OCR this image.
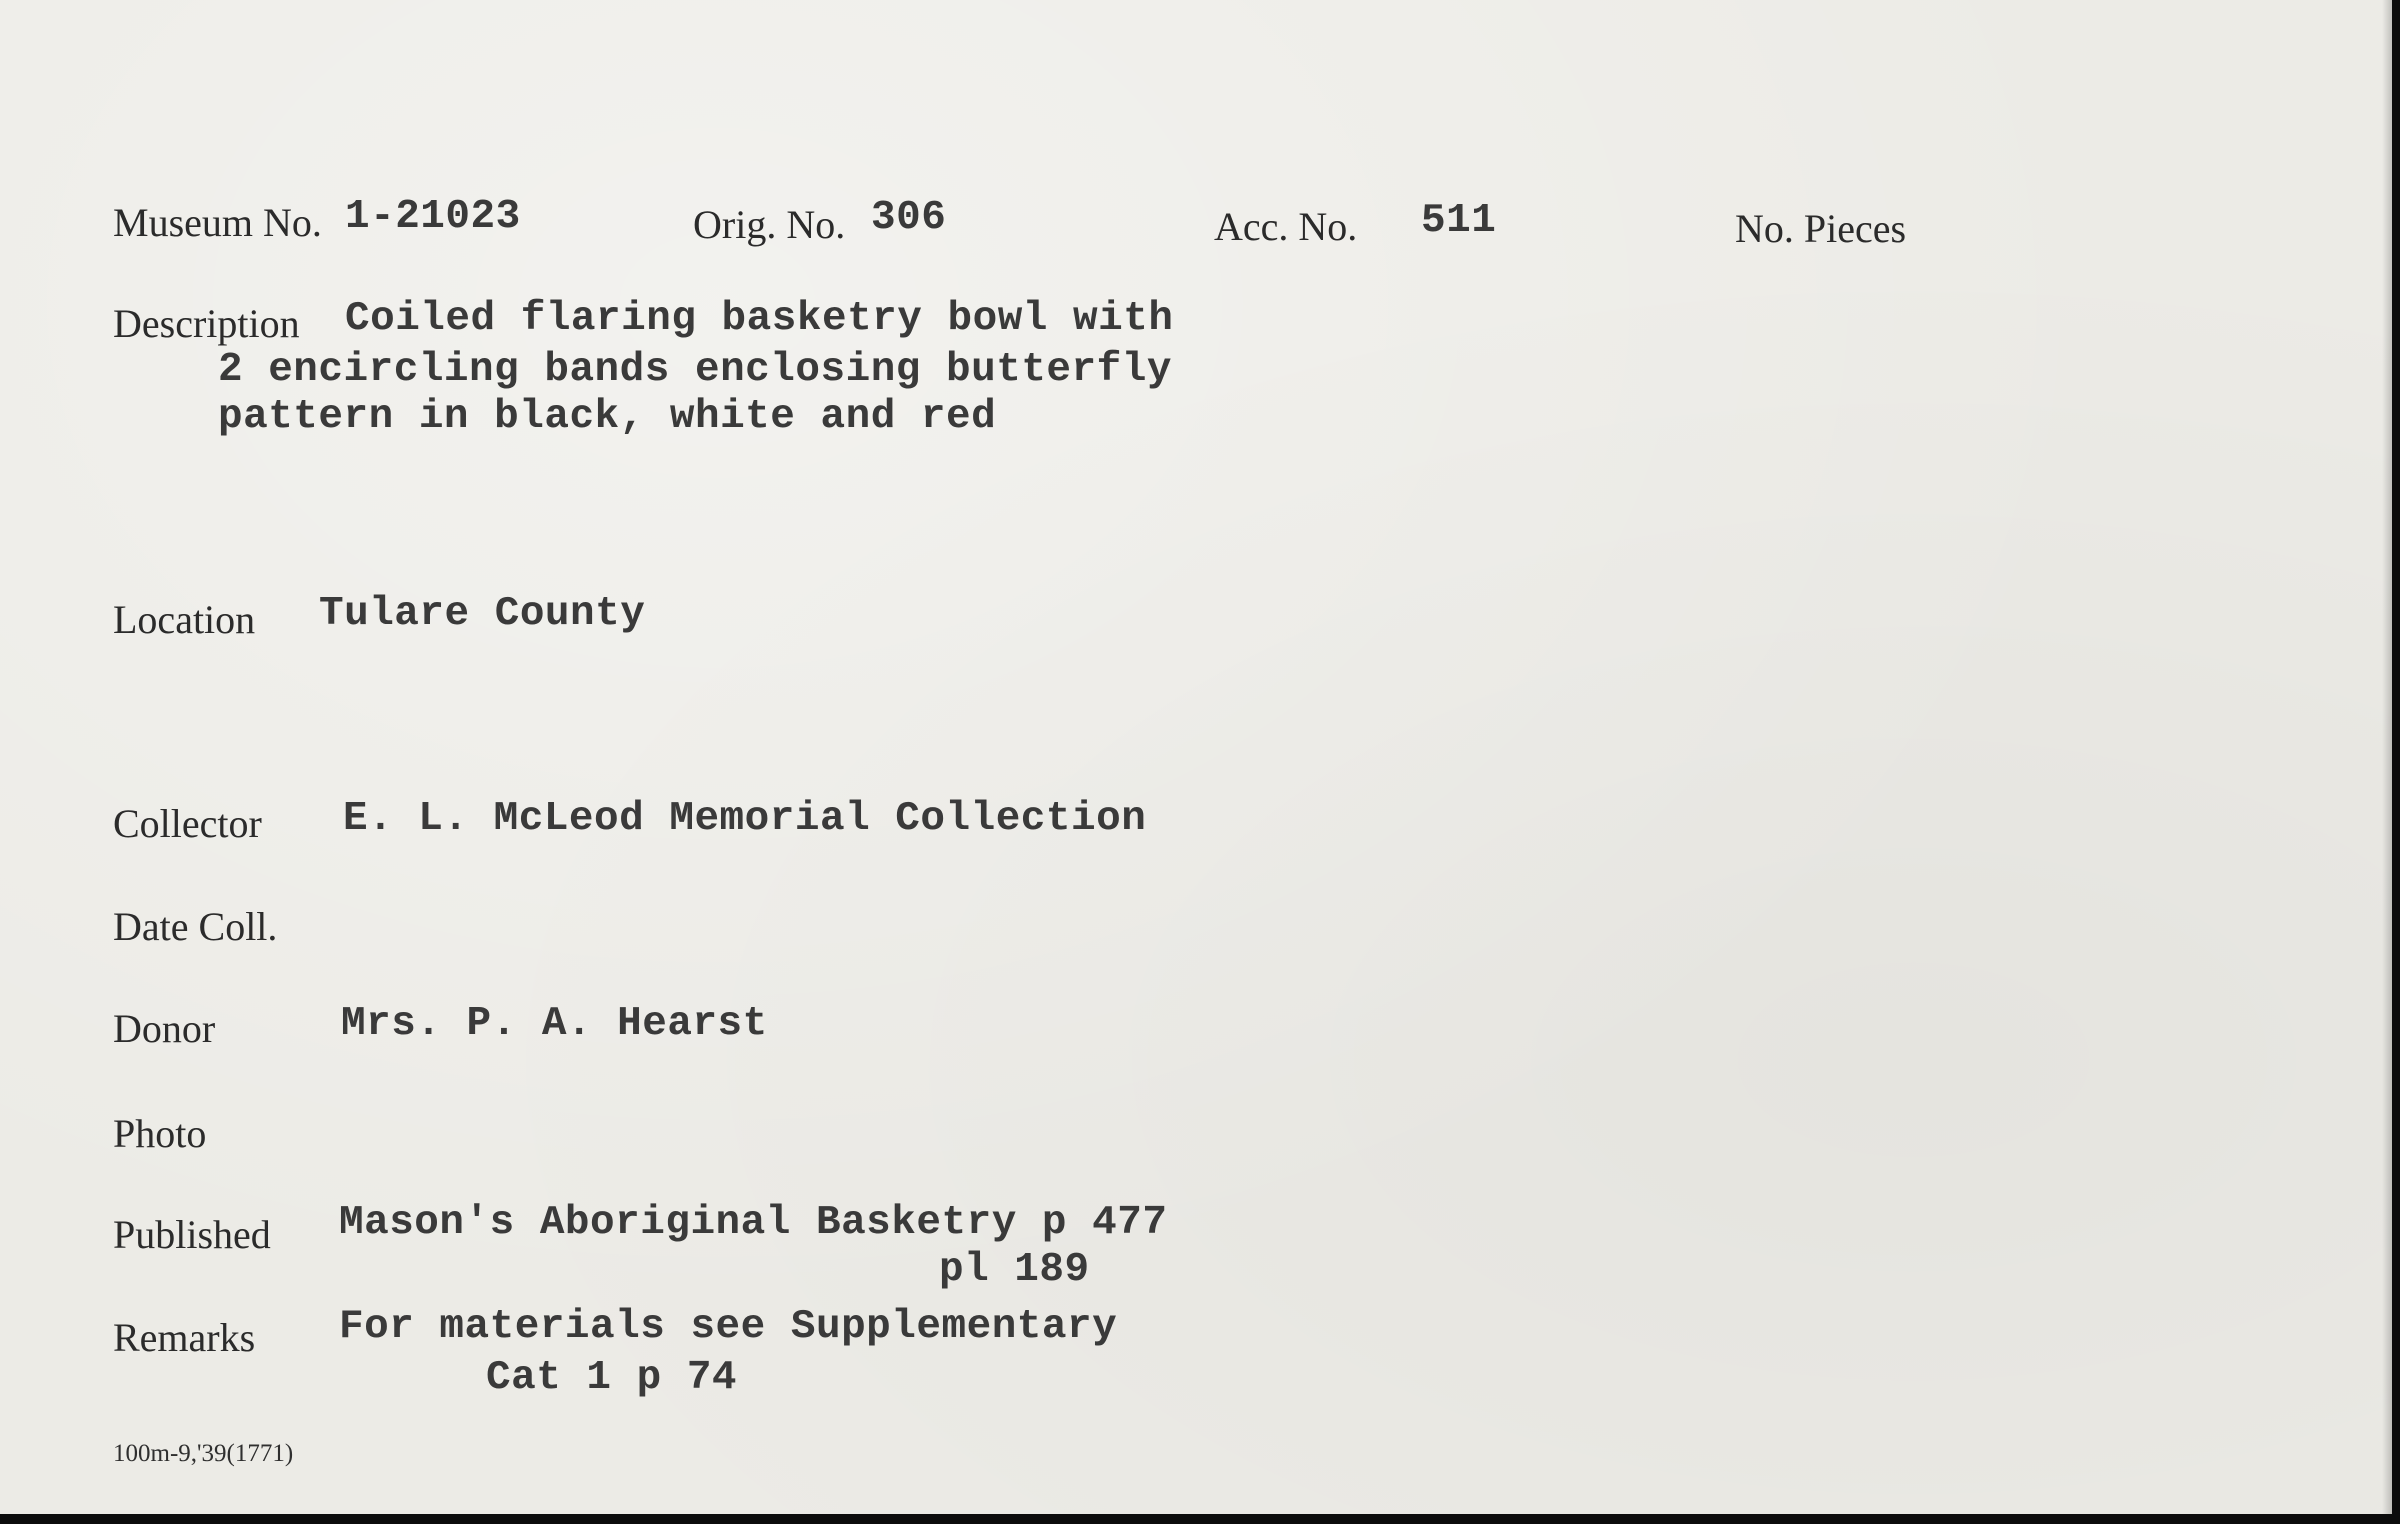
Museum No. 1-21023	Orig. No. 306	Acc. No. 511	No. Pieces
Description Coiled flaring basketry bowl with
2 encircling bands enclosing butterfly
pattern in black, white and red
Location Tulare County
Collector E. L. McLeod Memorial Collection
Date Coll.
Donor	Mrs. P. A. Hearst
Photo
Published Mason's Aboriginal Basketry p 477
pl 189
Remarks For materials see Supplementary
Cat 1 p 74
100m-9,'39(1771)
